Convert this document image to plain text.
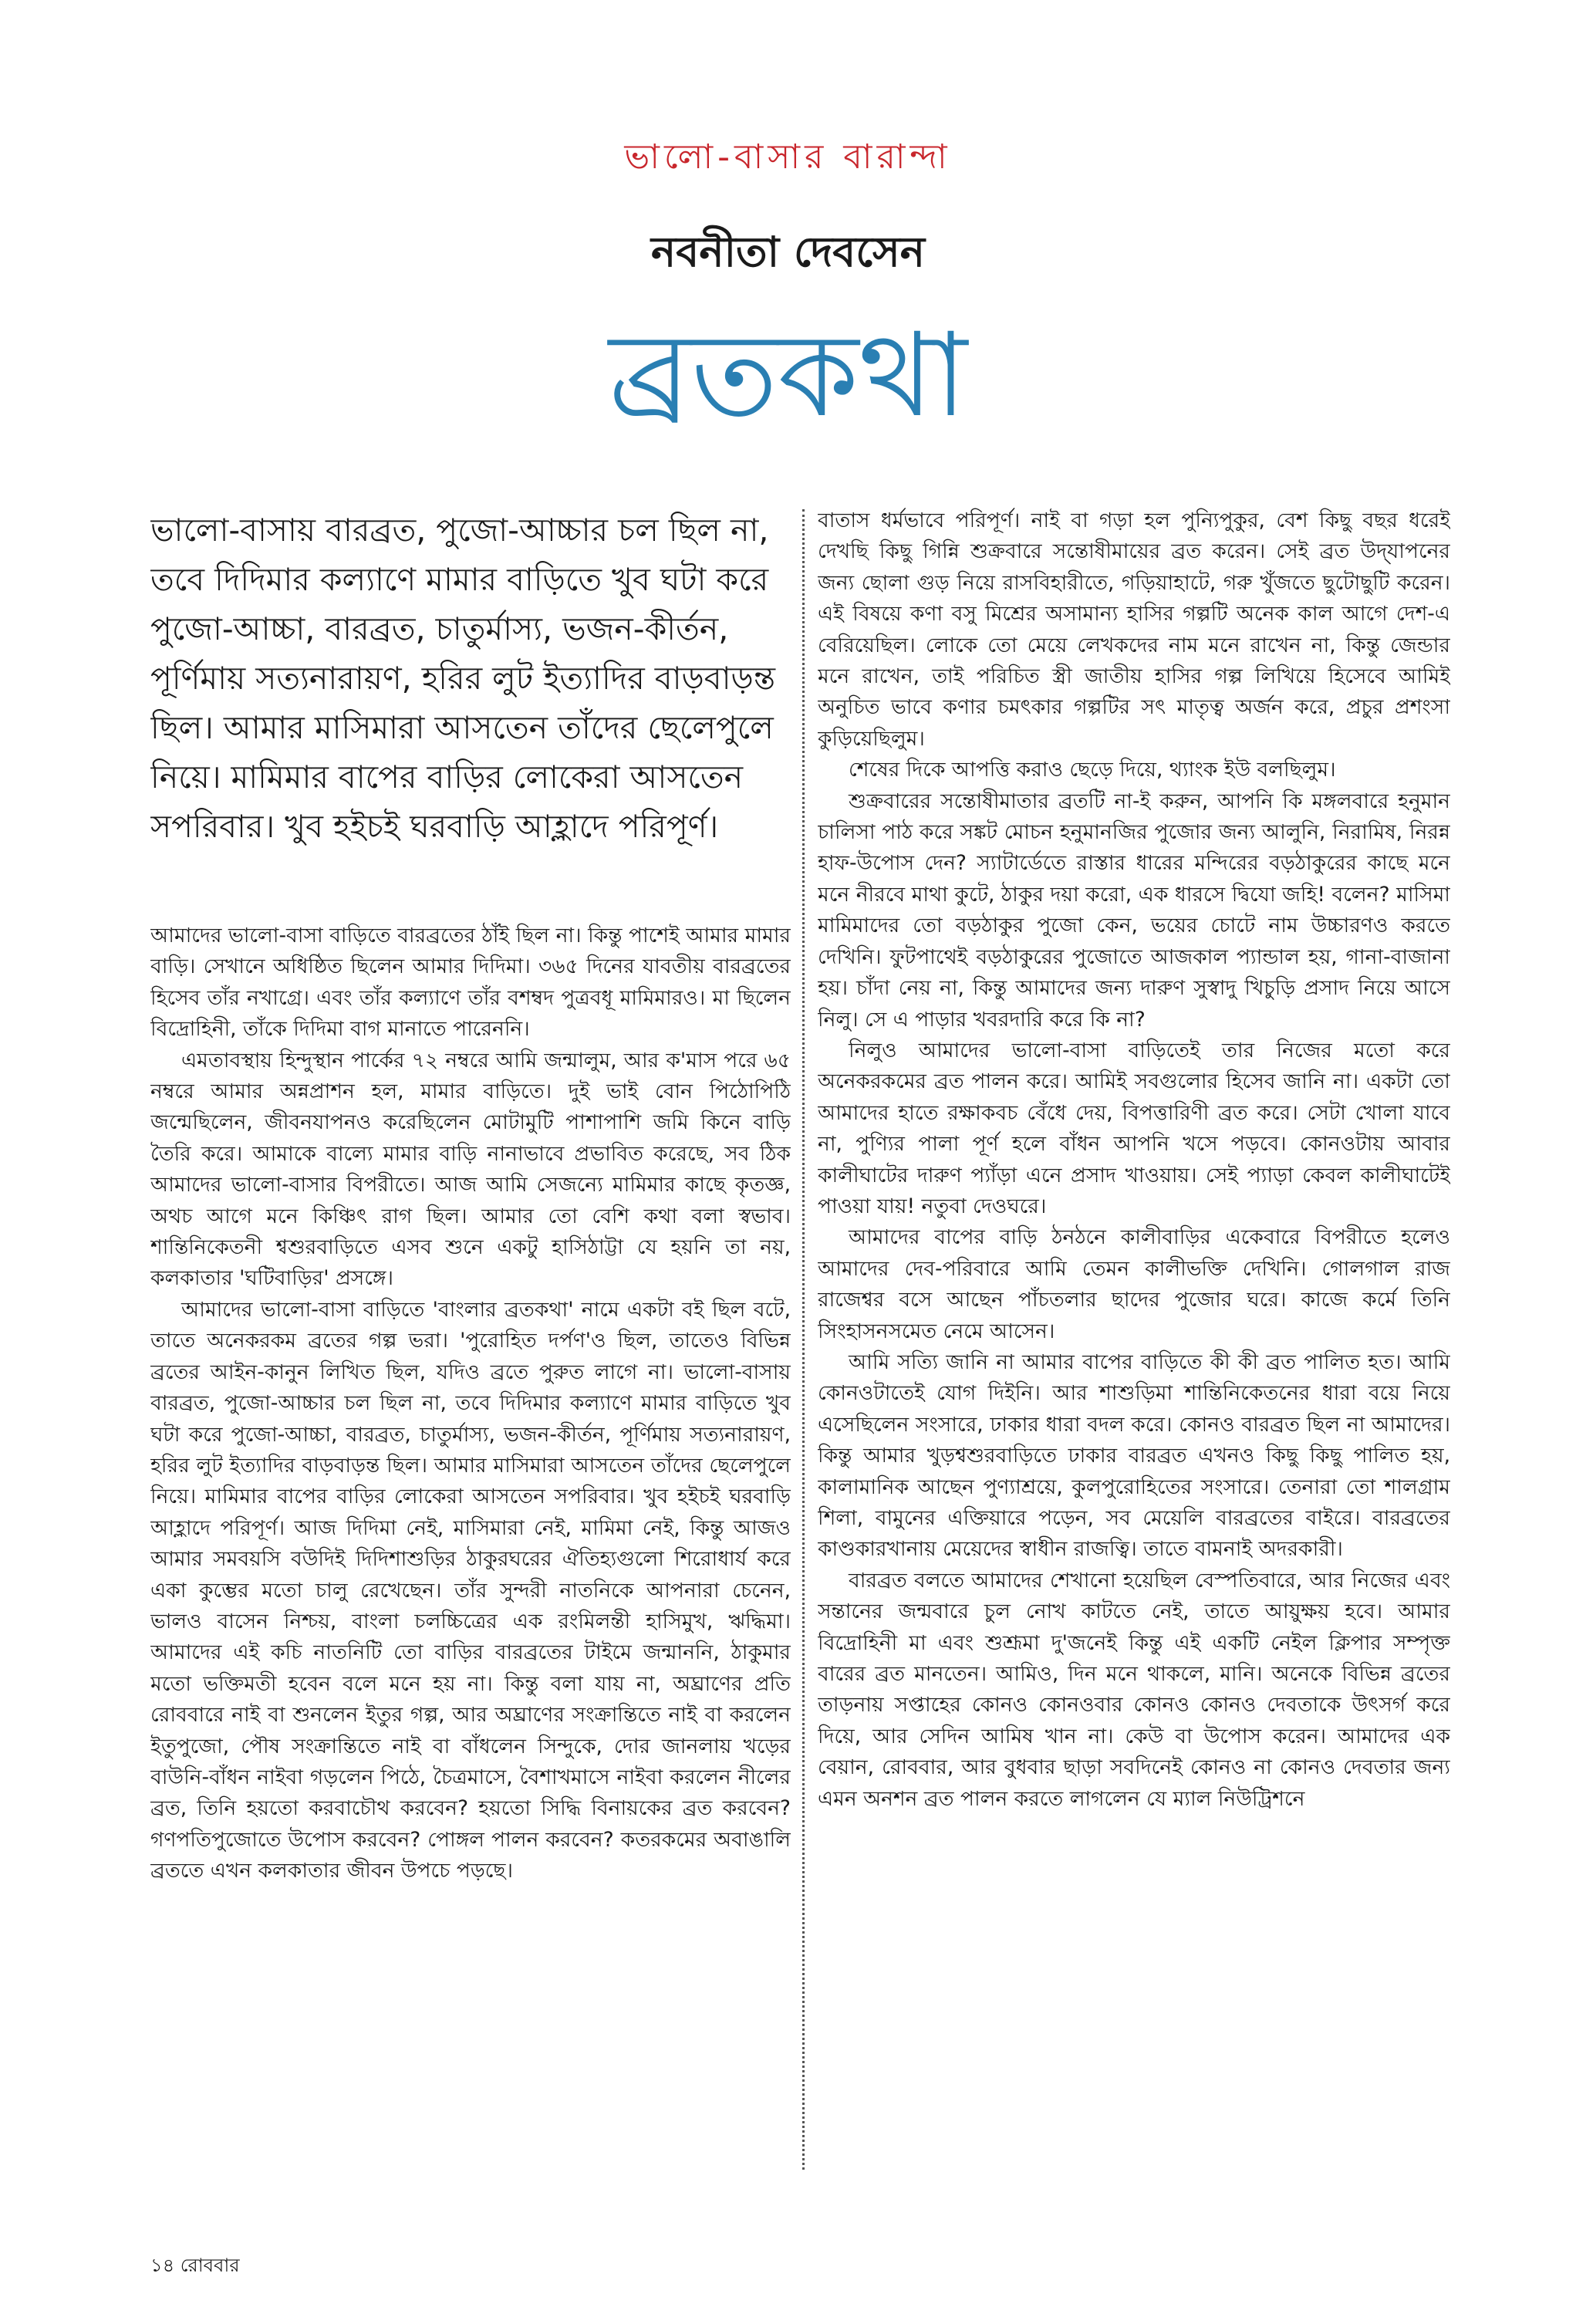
ভালো-বাসার বারান্দা
নবনীতা দেবসেন
ব্রতকথা
ভালো-বাসায় বারব্রত, পুজো-আচ্চার চল ছিল না, তবে দিদিমার কল্যাণে মামার বাড়িতে খুব ঘটা করে পুজো-আচ্চা, বারব্রত, চাতুর্মাস্য, ভজন-কীর্তন, পূর্ণিমায় সত্যনারায়ণ, হরির লুট ইত্যাদির বাড়বাড়ন্ত ছিল। আমার মাসিমারা আসতেন তাঁদের ছেলেপুলে নিয়ে। মামিমার বাপের বাড়ির লোকেরা আসতেন সপরিবার। খুব হইচই ঘরবাড়ি আহ্লাদে পরিপূর্ণ।

আমাদের ভালো-বাসা বাড়িতে বারব্রতের ঠাঁই ছিল না। কিন্তু পাশেই আমার মামার বাড়ি। সেখানে অধিষ্ঠিত ছিলেন আমার দিদিমা। ৩৬৫ দিনের যাবতীয় বারব্রতের হিসেব তাঁর নখাগ্রে। এবং তাঁর কল্যাণে তাঁর বশম্বদ পুত্রবধূ মামিমারও। মা ছিলেন বিদ্রোহিনী, তাঁকে দিদিমা বাগ মানাতে পারেননি।

এমতাবস্থায় হিন্দুস্থান পার্কের ৭২ নম্বরে আমি জন্মালুম, আর ক'মাস পরে ৬৫ নম্বরে আমার অন্নপ্রাশন হল, মামার বাড়িতে। দুই ভাই বোন পিঠোপিঠি জন্মেছিলেন, জীবনযাপনও করেছিলেন মোটামুটি পাশাপাশি জমি কিনে বাড়ি তৈরি করে। আমাকে বাল্যে মামার বাড়ি নানাভাবে প্রভাবিত করেছে, সব ঠিক আমাদের ভালো-বাসার বিপরীতে। আজ আমি সেজন্যে মামিমার কাছে কৃতজ্ঞ, অথচ আগে মনে কিঞ্চিৎ রাগ ছিল। আমার তো বেশি কথা বলা স্বভাব। শান্তিনিকেতনী শ্বশুরবাড়িতে এসব শুনে একটু হাসিঠাট্টা যে হয়নি তা নয়, কলকাতার 'ঘটিবাড়ির' প্রসঙ্গে।

আমাদের ভালো-বাসা বাড়িতে 'বাংলার ব্রতকথা' নামে একটা বই ছিল বটে, তাতে অনেকরকম ব্রতের গল্প ভরা। 'পুরোহিত দর্পণ'ও ছিল, তাতেও বিভিন্ন ব্রতের আইন-কানুন লিখিত ছিল, যদিও ব্রতে পুরুত লাগে না। ভালো-বাসায় বারব্রত, পুজো-আচ্চার চল ছিল না, তবে দিদিমার কল্যাণে মামার বাড়িতে খুব ঘটা করে পুজো-আচ্চা, বারব্রত, চাতুর্মাস্য, ভজন-কীর্তন, পূর্ণিমায় সত্যনারায়ণ, হরির লুট ইত্যাদির বাড়বাড়ন্ত ছিল। আমার মাসিমারা আসতেন তাঁদের ছেলেপুলে নিয়ে। মামিমার বাপের বাড়ির লোকেরা আসতেন সপরিবার। খুব হইচই ঘরবাড়ি আহ্লাদে পরিপূর্ণ। আজ দিদিমা নেই, মাসিমারা নেই, মামিমা নেই, কিন্তু আজও আমার সমবয়সি বউদিই দিদিশাশুড়ির ঠাকুরঘরের ঐতিহ্যগুলো শিরোধার্য করে একা কুম্ভের মতো চালু রেখেছেন। তাঁর সুন্দরী নাতনিকে আপনারা চেনেন, ভালও বাসেন নিশ্চয়, বাংলা চলচ্চিত্রের এক রংমিলন্তী হাসিমুখ, ঋদ্ধিমা। আমাদের এই কচি নাতনিটি তো বাড়ির বারব্রতের টাইমে জন্মাননি, ঠাকুমার মতো ভক্তিমতী হবেন বলে মনে হয় না। কিন্তু বলা যায় না, অঘ্রাণের প্রতি রোববারে নাই বা শুনলেন ইতুর গল্প, আর অঘ্রাণের সংক্রান্তিতে নাই বা করলেন ইতুপুজো, পৌষ সংক্রান্তিতে নাই বা বাঁধলেন সিন্দুকে, দোর জানলায় খড়ের বাউনি-বাঁধন নাইবা গড়লেন পিঠে, চৈত্রমাসে, বৈশাখমাসে নাইবা করলেন নীলের ব্রত, তিনি হয়তো করবাচৌথ করবেন? হয়তো সিদ্ধি বিনায়কের ব্রত করবেন? গণপতিপুজোতে উপোস করবেন? পোঙ্গল পালন করবেন? কতরকমের অবাঙালি ব্রততে এখন কলকাতার জীবন উপচে পড়ছে।

বাতাস ধর্মভাবে পরিপূর্ণ। নাই বা গড়া হল পুন্যিপুকুর, বেশ কিছু বছর ধরেই দেখছি কিছু গিন্নি শুক্রবারে সন্তোষীমায়ের ব্রত করেন। সেই ব্রত উদ্‌যাপনের জন্য ছোলা গুড় নিয়ে রাসবিহারীতে, গড়িয়াহাটে, গরু খুঁজতে ছুটোছুটি করেন। এই বিষয়ে কণা বসু মিশ্রের অসামান্য হাসির গল্পটি অনেক কাল আগে দেশ-এ বেরিয়েছিল। লোকে তো মেয়ে লেখকদের নাম মনে রাখেন না, কিন্তু জেন্ডার মনে রাখেন, তাই পরিচিত স্ত্রী জাতীয় হাসির গল্প লিখিয়ে হিসেবে আমিই অনুচিত ভাবে কণার চমৎকার গল্পটির সৎ মাতৃত্ব অর্জন করে, প্রচুর প্রশংসা কুড়িয়েছিলুম।

শেষের দিকে আপত্তি করাও ছেড়ে দিয়ে, থ্যাংক ইউ বলছিলুম।

শুক্রবারের সন্তোষীমাতার ব্রতটি না-ই করুন, আপনি কি মঙ্গলবারে হনুমান চালিসা পাঠ করে সঙ্কট মোচন হনুমানজির পুজোর জন্য আলুনি, নিরামিষ, নিরন্ন হাফ-উপোস দেন? স্যাটার্ডেতে রাস্তার ধারের মন্দিরের বড়ঠাকুরের কাছে মনে মনে নীরবে মাথা কুটে, ঠাকুর দয়া করো, এক ধারসে দ্বিযো জহি! বলেন? মাসিমা মামিমাদের তো বড়ঠাকুর পুজো কেন, ভয়ের চোটে নাম উচ্চারণও করতে দেখিনি। ফুটপাথেই বড়ঠাকুরের পুজোতে আজকাল প্যান্ডাল হয়, গানা-বাজানা হয়। চাঁদা নেয় না, কিন্তু আমাদের জন্য দারুণ সুস্বাদু খিচুড়ি প্রসাদ নিয়ে আসে নিলু। সে এ পাড়ার খবরদারি করে কি না?

নিলুও আমাদের ভালো-বাসা বাড়িতেই তার নিজের মতো করে অনেকরকমের ব্রত পালন করে। আমিই সবগুলোর হিসেব জানি না। একটা তো আমাদের হাতে রক্ষাকবচ বেঁধে দেয়, বিপত্তারিণী ব্রত করে। সেটা খোলা যাবে না, পুণ্যির পালা পূর্ণ হলে বাঁধন আপনি খসে পড়বে। কোনওটায় আবার কালীঘাটের দারুণ প্যাঁড়া এনে প্রসাদ খাওয়ায়। সেই প্যাড়া কেবল কালীঘাটেই পাওয়া যায়! নতুবা দেওঘরে।

আমাদের বাপের বাড়ি ঠনঠনে কালীবাড়ির একেবারে বিপরীতে হলেও আমাদের দেব-পরিবারে আমি তেমন কালীভক্তি দেখিনি। গোলগাল রাজ রাজেশ্বর বসে আছেন পাঁচতলার ছাদের পুজোর ঘরে। কাজে কর্মে তিনি সিংহাসনসমেত নেমে আসেন।

আমি সত্যি জানি না আমার বাপের বাড়িতে কী কী ব্রত পালিত হত। আমি কোনওটাতেই যোগ দিইনি। আর শাশুড়িমা শান্তিনিকেতনের ধারা বয়ে নিয়ে এসেছিলেন সংসারে, ঢাকার ধারা বদল করে। কোনও বারব্রত ছিল না আমাদের। কিন্তু আমার খুড়শ্বশুরবাড়িতে ঢাকার বারব্রত এখনও কিছু কিছু পালিত হয়, কালামানিক আছেন পুণ্যাশ্রয়ে, কুলপুরোহিতের সংসারে। তেনারা তো শালগ্রাম শিলা, বামুনের এক্তিয়ারে পড়েন, সব মেয়েলি বারব্রতের বাইরে। বারব্রতের কাণ্ডকারখানায় মেয়েদের স্বাধীন রাজত্বি। তাতে বামনাই অদরকারী।

বারব্রত বলতে আমাদের শেখানো হয়েছিল বেস্পতিবারে, আর নিজের এবং সন্তানের জন্মবারে চুল নোখ কাটতে নেই, তাতে আয়ুক্ষয় হবে। আমার বিদ্রোহিনী মা এবং শুশ্রূমা দু'জনেই কিন্তু এই একটি নেইল ক্লিপার সম্পৃক্ত বারের ব্রত মানতেন। আমিও, দিন মনে থাকলে, মানি। অনেকে বিভিন্ন ব্রতের তাড়নায় সপ্তাহের কোনও কোনওবার কোনও কোনও দেবতাকে উৎসর্গ করে দিয়ে, আর সেদিন আমিষ খান না। কেউ বা উপোস করেন। আমাদের এক বেয়ান, রোববার, আর বুধবার ছাড়া সবদিনেই কোনও না কোনও দেবতার জন্য এমন অনশন ব্রত পালন করতে লাগলেন যে ম্যাল নিউট্রিশনে

১৪ রোববার
